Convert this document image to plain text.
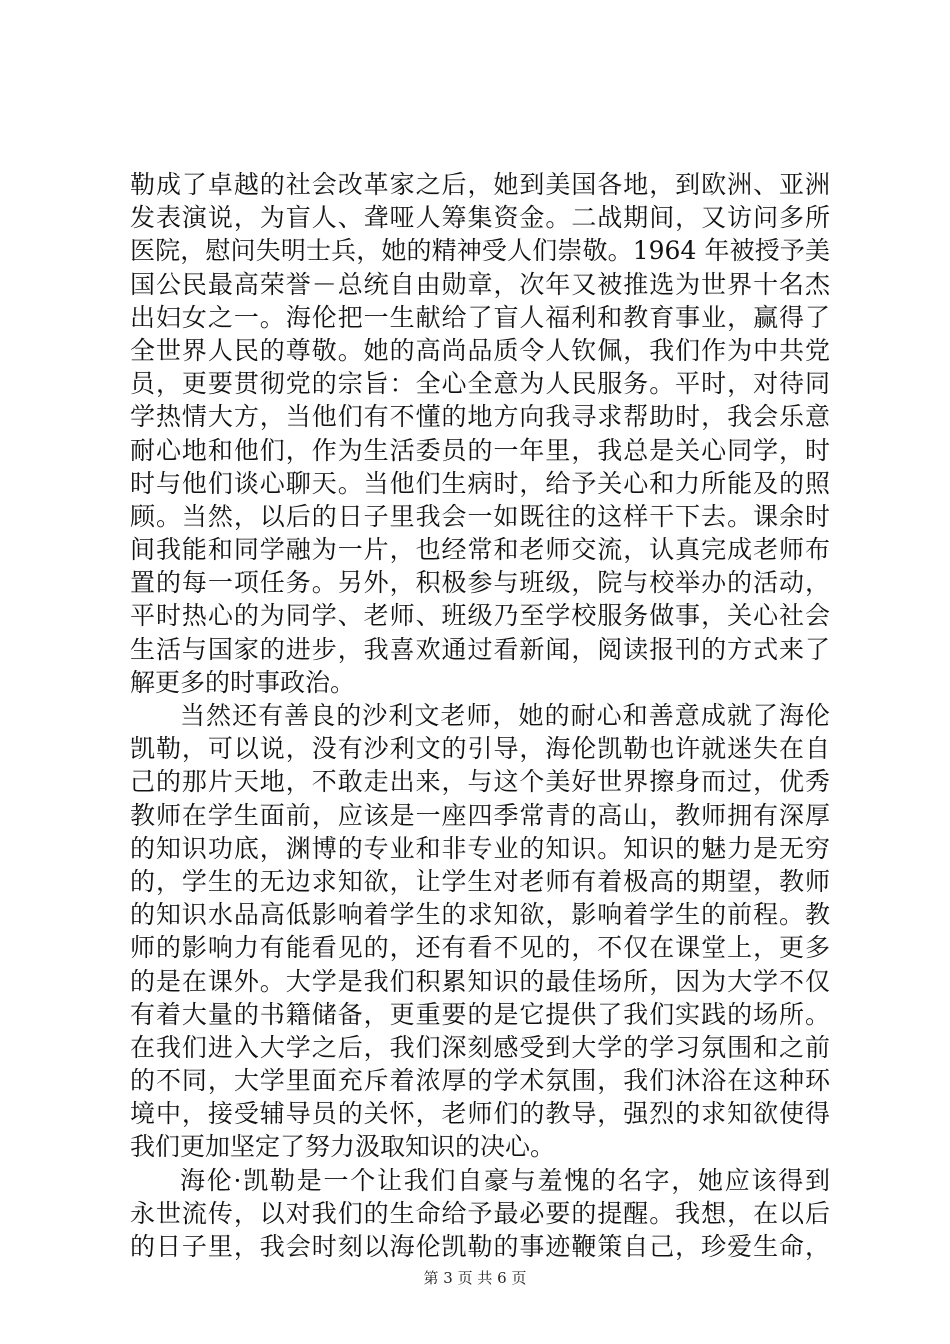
勒成了卓越的社会改革家之后，她到美国各地，到欧洲、亚洲
发表演说，为盲人、聋哑人筹集资金。二战期间，又访问多所
医院，慰问失明士兵，她的精神受人们崇敬。1964 年被授予美
国公民最高荣誉－总统自由勋章，次年又被推选为世界十名杰
出妇女之一。海伦把一生献给了盲人福利和教育事业，赢得了
全世界人民的尊敬。她的高尚品质令人钦佩，我们作为中共党
员，更要贯彻党的宗旨：全心全意为人民服务。平时，对待同
学热情大方，当他们有不懂的地方向我寻求帮助时，我会乐意
耐心地和他们，作为生活委员的一年里，我总是关心同学，时
时与他们谈心聊天。当他们生病时，给予关心和力所能及的照
顾。当然，以后的日子里我会一如既往的这样干下去。课余时
间我能和同学融为一片，也经常和老师交流，认真完成老师布
置的每一项任务。另外，积极参与班级，院与校举办的活动，
平时热心的为同学、老师、班级乃至学校服务做事，关心社会
生活与国家的进步，我喜欢通过看新闻，阅读报刊的方式来了
解更多的时事政治。
当然还有善良的沙利文老师，她的耐心和善意成就了海伦
凯勒，可以说，没有沙利文的引导，海伦凯勒也许就迷失在自
己的那片天地，不敢走出来，与这个美好世界擦身而过，优秀
教师在学生面前，应该是一座四季常青的高山，教师拥有深厚
的知识功底，渊博的专业和非专业的知识。知识的魅力是无穷
的，学生的无边求知欲，让学生对老师有着极高的期望，教师
的知识水品高低影响着学生的求知欲，影响着学生的前程。教
师的影响力有能看见的，还有看不见的，不仅在课堂上，更多
的是在课外。大学是我们积累知识的最佳场所，因为大学不仅
有着大量的书籍储备，更重要的是它提供了我们实践的场所。
在我们进入大学之后，我们深刻感受到大学的学习氛围和之前
的不同，大学里面充斥着浓厚的学术氛围，我们沐浴在这种环
境中，接受辅导员的关怀，老师们的教导，强烈的求知欲使得
我们更加坚定了努力汲取知识的决心。
海伦·凯勒是一个让我们自豪与羞愧的名字，她应该得到
永世流传，以对我们的生命给予最必要的提醒。我想，在以后
的日子里，我会时刻以海伦凯勒的事迹鞭策自己，珍爱生命，
第 3 页 共 6 页
